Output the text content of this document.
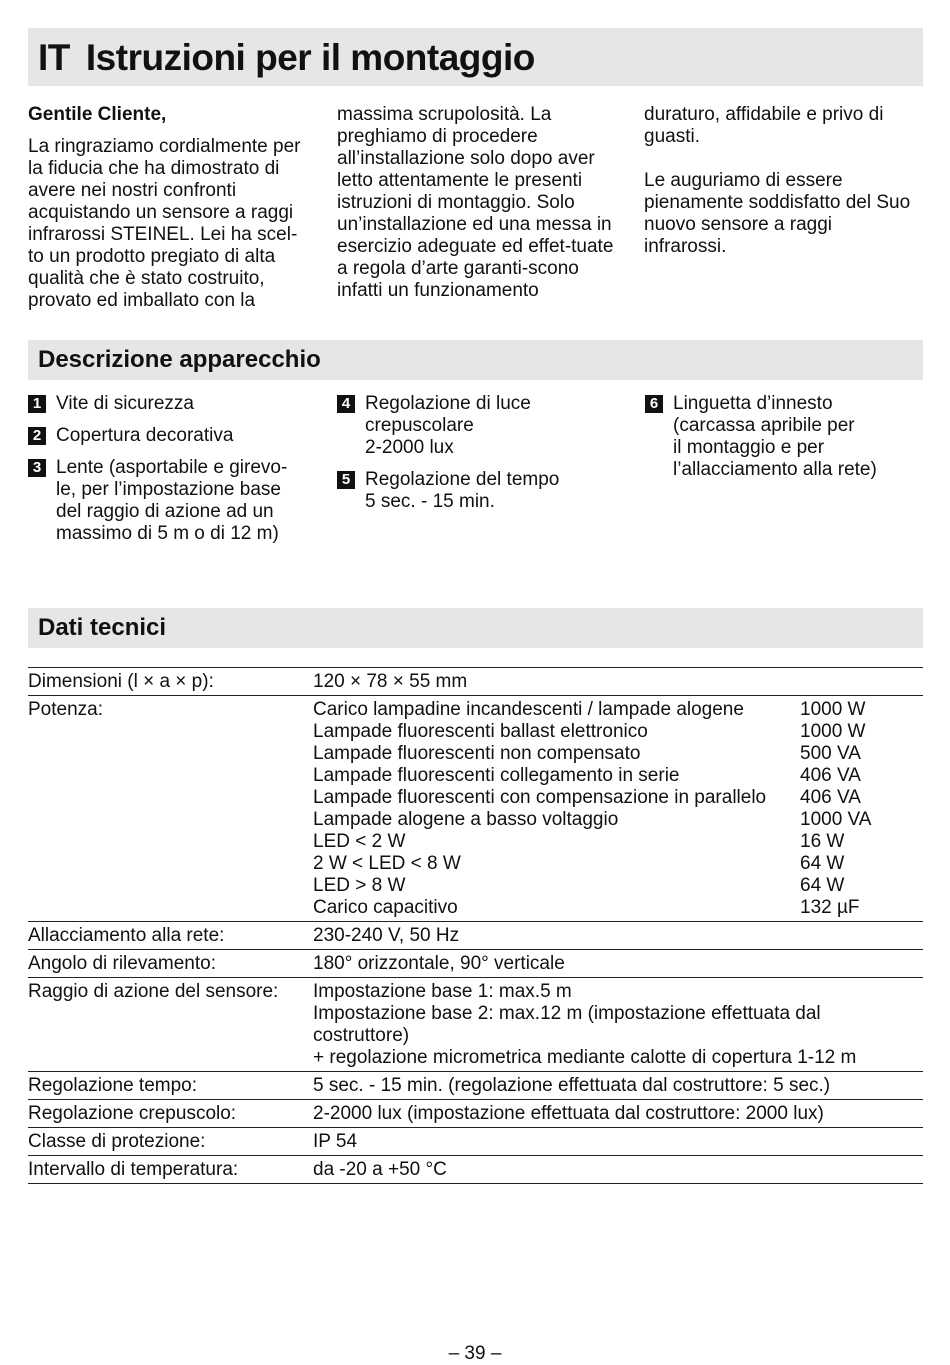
IT Istruzioni per il montaggio

Gentile Cliente,

La ringraziamo cordialmente per la fiducia che ha dimostrato di avere nei nostri confronti acquistando un sensore a raggi infrarossi STEINEL. Lei ha scel-to un prodotto pregiato di alta qualità che è stato costruito, provato ed imballato con la

massima scrupolosità. La preghiamo di procedere all’installazione solo dopo aver letto attentamente le presenti istruzioni di montaggio. Solo un’installazione ed una messa in esercizio adeguate ed effet-tuate a regola d’arte garanti-scono infatti un funzionamento

duraturo, affidabile e privo di guasti.

Le auguriamo di essere pienamente soddisfatto del Suo nuovo sensore a raggi infrarossi.

Descrizione apparecchio
1 Vite di sicurezza
2 Copertura decorativa
3 Lente (asportabile e girevo-
le, per l’impostazione base
del raggio di azione ad un
massimo di 5 m o di 12 m)
4 Regolazione di luce
crepuscolare
2-2000 lux
5 Regolazione del tempo
5 sec. - 15 min.
6 Linguetta d’innesto
(carcassa apribile per
il montaggio e per
l’allacciamento alla rete)
Dati tecnici
Dimensioni (l × a × p):	120 × 78 × 55 mm
Potenza:	Carico lampadine incandescenti / lampade alogene	1000 W
Lampade fluorescenti ballast elettronico	1000 W
Lampade fluorescenti non compensato	500 VA
Lampade fluorescenti collegamento in serie	406 VA
Lampade fluorescenti con compensazione in parallelo	406 VA
Lampade alogene a basso voltaggio	1000 VA
LED < 2 W	16 W
2 W < LED < 8 W	64 W
LED > 8 W	64 W
Carico capacitivo	132 µF
Allacciamento alla rete:	230-240 V, 50 Hz
Angolo di rilevamento:	180° orizzontale, 90° verticale
Raggio di azione del sensore:	Impostazione base 1: max.5 m
Impostazione base 2: max.12 m (impostazione effettuata dal
costruttore)
+ regolazione micrometrica mediante calotte di copertura 1-12 m
Regolazione tempo:	5 sec. - 15 min. (regolazione effettuata dal costruttore: 5 sec.)
Regolazione crepuscolo:	2-2000 lux (impostazione effettuata dal costruttore: 2000 lux)
Classe di protezione:	IP 54
Intervallo di temperatura:	da -20 a +50 °C
– 39 –
